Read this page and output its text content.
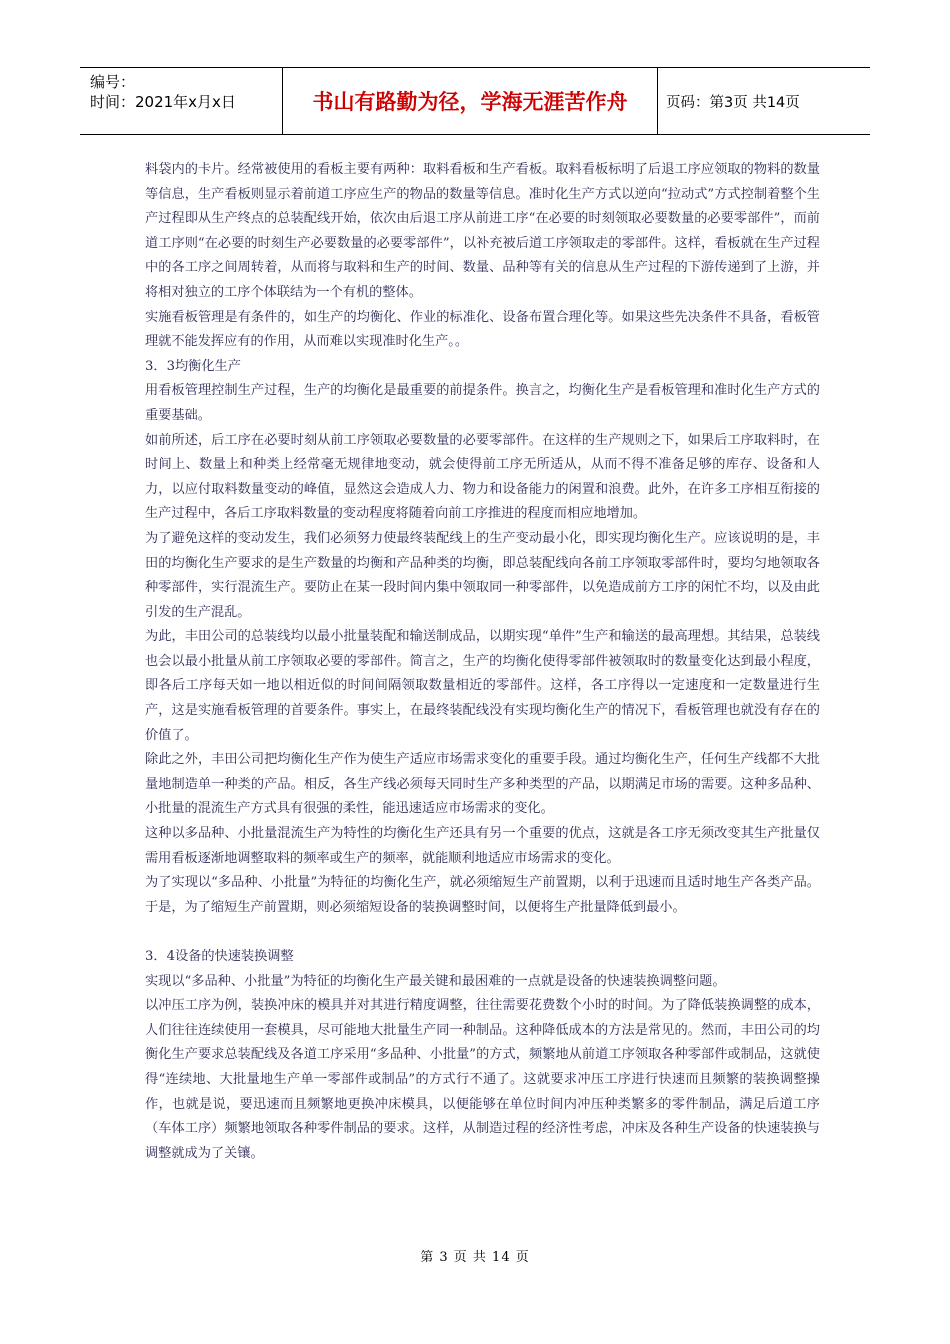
编号：
时间：2021年x月x日	书山有路勤为径，学海无涯苦作舟	页码：第3页 共14页

料袋内的卡片。经常被使用的看板主要有两种：取料看板和生产看板。取料看板标明了后退工序应领取的物料的数量等信息，生产看板则显示着前道工序应生产的物品的数量等信息。准时化生产方式以逆向“拉动式”方式控制着整个生产过程即从生产终点的总装配线开始，依次由后退工序从前进工序“在必要的时刻领取必要数量的必要零部件”，而前道工序则“在必要的时刻生产必要数量的必要零部件”，以补充被后道工序领取走的零部件。这样，看板就在生产过程中的各工序之间周转着，从而将与取料和生产的时间、数量、品种等有关的信息从生产过程的下游传递到了上游，并将相对独立的工序个体联结为一个有机的整体。

实施看板管理是有条件的，如生产的均衡化、作业的标准化、设备布置合理化等。如果这些先决条件不具备，看板管理就不能发挥应有的作用，从而难以实现准时化生产。。

3．3均衡化生产

用看板管理控制生产过程，生产的均衡化是最重要的前提条件。换言之，均衡化生产是看板管理和准时化生产方式的重要基础。

如前所述，后工序在必要时刻从前工序领取必要数量的必要零部件。在这样的生产规则之下，如果后工序取料时，在时间上、数量上和种类上经常毫无规律地变动，就会使得前工序无所适从，从而不得不准备足够的库存、设备和人力，以应付取料数量变动的峰值，显然这会造成人力、物力和设备能力的闲置和浪费。此外，在许多工序相互衔接的生产过程中，各后工序取料数量的变动程度将随着向前工序推进的程度而相应地增加。

为了避免这样的变动发生，我们必须努力使最终装配线上的生产变动最小化，即实现均衡化生产。应该说明的是，丰田的均衡化生产要求的是生产数量的均衡和产品种类的均衡，即总装配线向各前工序领取零部件时，要均匀地领取各种零部件，实行混流生产。要防止在某一段时间内集中领取同一种零部件，以免造成前方工序的闲忙不均，以及由此引发的生产混乱。

为此，丰田公司的总装线均以最小批量装配和输送制成品，以期实现“单件”生产和输送的最高理想。其结果，总装线也会以最小批量从前工序领取必要的零部件。简言之，生产的均衡化使得零部件被领取时的数量变化达到最小程度，即各后工序每天如一地以相近似的时间间隔领取数量相近的零部件。这样，各工序得以一定速度和一定数量进行生产，这是实施看板管理的首要条件。事实上，在最终装配线没有实现均衡化生产的情况下，看板管理也就没有存在的价值了。

除此之外，丰田公司把均衡化生产作为使生产适应市场需求变化的重要手段。通过均衡化生产，任何生产线都不大批量地制造单一种类的产品。相反，各生产线必须每天同时生产多种类型的产品，以期满足市场的需要。这种多品种、小批量的混流生产方式具有很强的柔性，能迅速适应市场需求的变化。

这种以多品种、小批量混流生产为特性的均衡化生产还具有另一个重要的优点，这就是各工序无须改变其生产批量仅需用看板逐渐地调整取料的频率或生产的频率，就能顺利地适应市场需求的变化。

为了实现以“多品种、小批量”为特征的均衡化生产，就必须缩短生产前置期，以利于迅速而且适时地生产各类产品。于是，为了缩短生产前置期，则必须缩短设备的装换调整时间，以便将生产批量降低到最小。

3．4设备的快速装换调整

实现以“多品种、小批量”为特征的均衡化生产最关键和最困难的一点就是设备的快速装换调整问题。

以冲压工序为例，装换冲床的模具并对其进行精度调整，往往需要花费数个小时的时间。为了降低装换调整的成本，人们往往连续使用一套模具，尽可能地大批量生产同一种制品。这种降低成本的方法是常见的。然而，丰田公司的均衡化生产要求总装配线及各道工序采用“多品种、小批量”的方式，频繁地从前道工序领取各种零部件或制品，这就使得“连续地、大批量地生产单一零部件或制品”的方式行不通了。这就要求冲压工序进行快速而且频繁的装换调整操作，也就是说，要迅速而且频繁地更换冲床模具，以便能够在单位时间内冲压种类繁多的零件制品，满足后道工序（车体工序）频繁地领取各种零件制品的要求。这样，从制造过程的经济性考虑，冲床及各种生产设备的快速装换与调整就成为了关镶。

第 3 页 共 14 页
